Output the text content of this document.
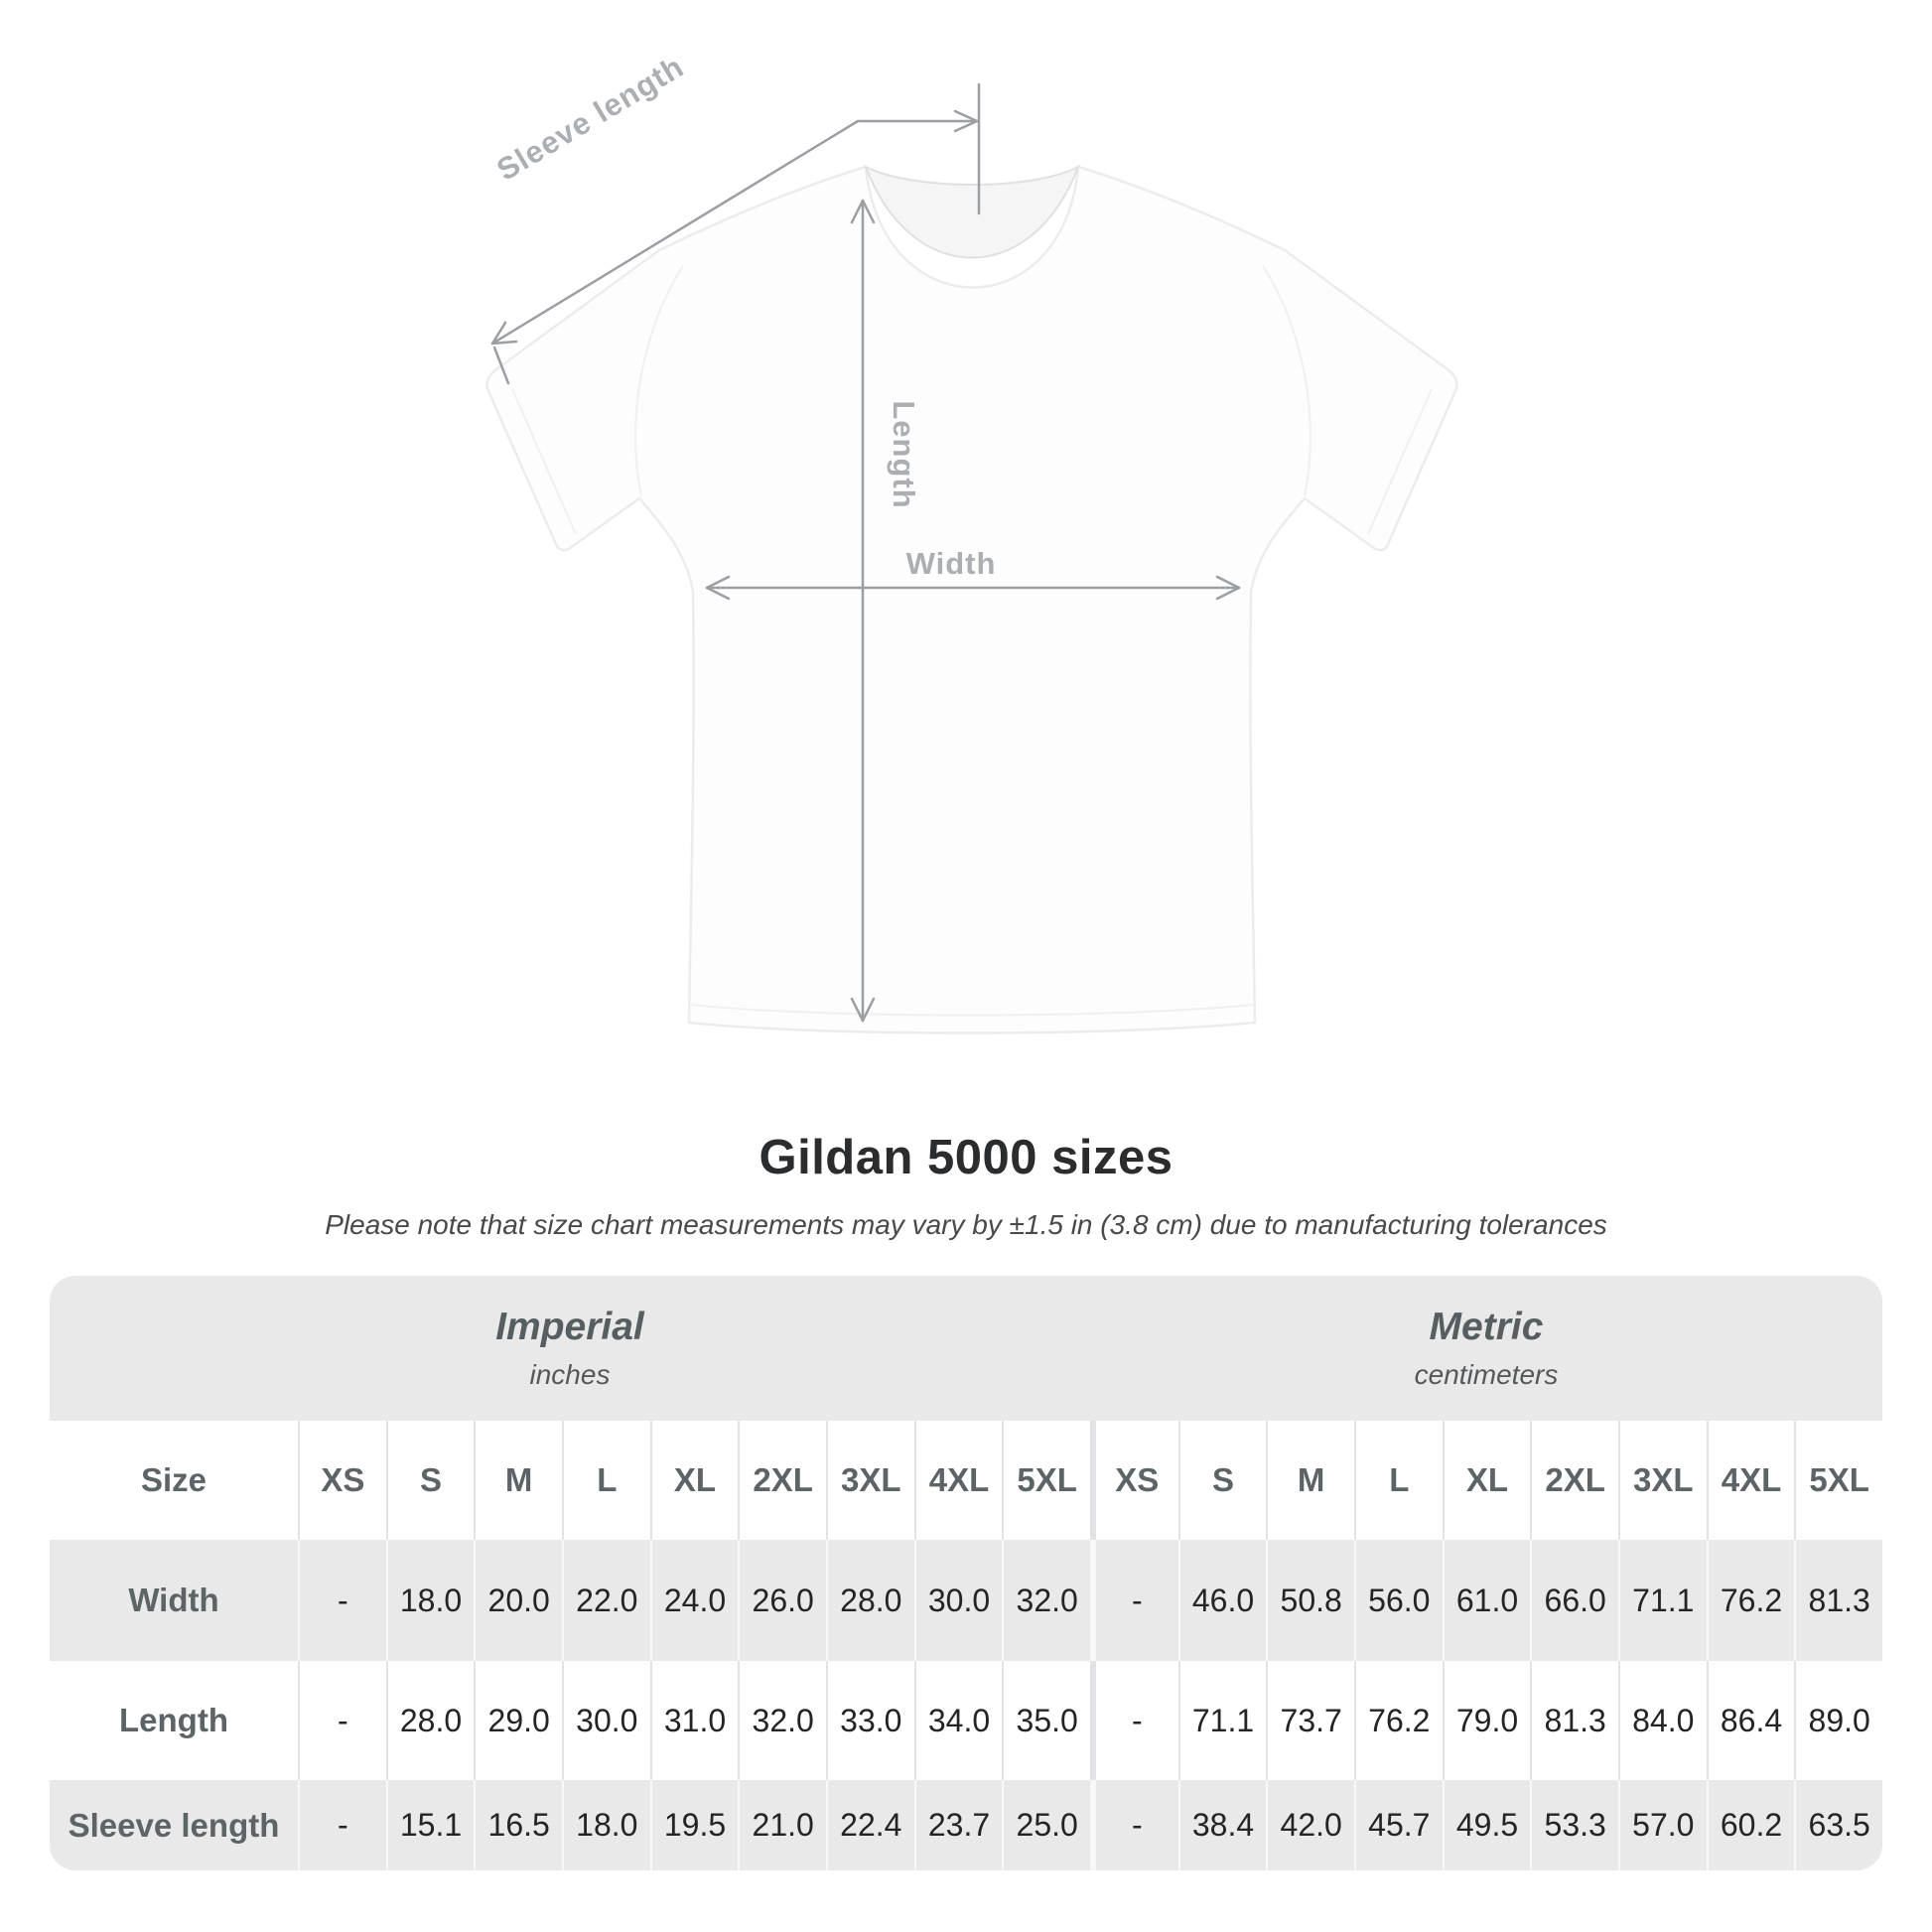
Sleeve length
Length
Width
Gildan 5000 sizes
Please note that size chart measurements may vary by ±1.5 in (3.8 cm) due to manufacturing tolerances
Imperial
inches
Metric
centimeters
Size	XS	S	M	L	XL	2XL 3XL 4XL 5XL	XS	S	M	L	XL	2XL 3XL 4XL 5XL
Width	-	18.0 20.0 22.0 24.0 26.0 28.0 30.0 32.0	-	46.0 50.8 56.0 61.0 66.0 71.1 76.2 81.3
Length	-	28.0 29.0 30.0 31.0 32.0 33.0 34.0 35.0	-	71.1 73.7 76.2 79.0 81.3 84.0 86.4 89.0
Sleeve length	-	15.1 16.5 18.0 19.5 21.0 22.4 23.7 25.0	-	38.4 42.0 45.7 49.5 53.3 57.0 60.2 63.5
